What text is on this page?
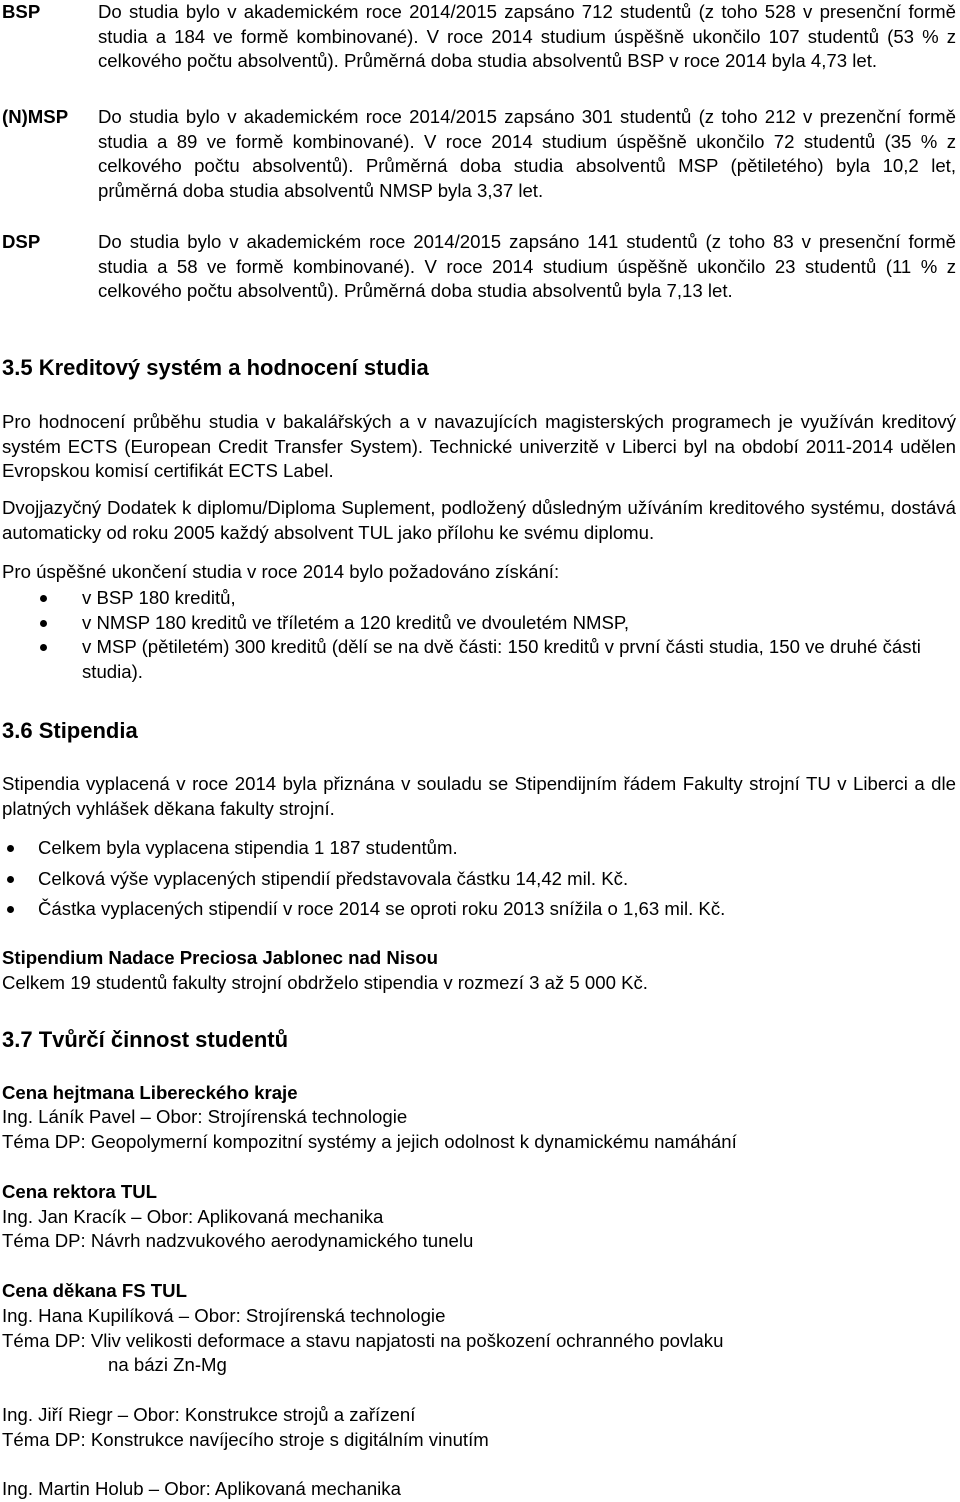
BSP	Do studia bylo v akademickém roce 2014/2015 zapsáno 712 studentů (z toho 528 v presenční formě studia a 184 ve formě kombinované). V roce 2014 studium úspěšně ukončilo 107 studentů (53 % z celkového počtu absolventů). Průměrná doba studia absolventů BSP v roce 2014 byla 4,73 let.
(N)MSP Do studia bylo v akademickém roce 2014/2015 zapsáno 301 studentů (z toho 212 v prezenční formě studia a 89 ve formě kombinované). V roce 2014 studium úspěšně ukončilo 72 studentů (35 % z celkového počtu absolventů). Průměrná doba studia absolventů MSP (pětiletého) byla 10,2 let, průměrná doba studia absolventů NMSP byla 3,37 let.
DSP	Do studia bylo v akademickém roce 2014/2015 zapsáno 141 studentů (z toho 83 v presenční formě studia a 58 ve formě kombinované). V roce 2014 studium úspěšně ukončilo 23 studentů (11 % z celkového počtu absolventů). Průměrná doba studia absolventů byla 7,13 let.
3.5 Kreditový systém a hodnocení studia
Pro hodnocení průběhu studia v bakalářských a v navazujících magisterských programech je využíván kreditový systém ECTS (European Credit Transfer System). Technické univerzitě v Liberci byl na období 2011-2014 udělen Evropskou komisí certifikát ECTS Label.
Dvojjazyčný Dodatek k diplomu/Diploma Suplement, podložený důsledným užíváním kreditového systému, dostává automaticky od roku 2005 každý absolvent TUL jako přílohu ke svému diplomu.
Pro úspěšné ukončení studia v roce 2014 bylo požadováno získání:
v BSP 180 kreditů,
v NMSP 180 kreditů ve tříletém a 120 kreditů ve dvouletém NMSP,
v MSP (pětiletém) 300 kreditů (dělí se na dvě části: 150 kreditů v první části studia, 150 ve druhé části studia).
3.6 Stipendia
Stipendia vyplacená v roce 2014 byla přiznána v souladu se Stipendijním řádem Fakulty strojní TU v Liberci a dle platných vyhlášek děkana fakulty strojní.
Celkem byla vyplacena stipendia 1 187 studentům.
Celková výše vyplacených stipendií představovala částku 14,42 mil. Kč.
Částka vyplacených stipendií v roce 2014 se oproti roku 2013 snížila o 1,63 mil. Kč.
Stipendium Nadace Preciosa Jablonec nad Nisou
Celkem 19 studentů fakulty strojní obdrželo stipendia v rozmezí 3 až 5 000 Kč.
3.7 Tvůrčí činnost studentů
Cena hejtmana Libereckého kraje
Ing. Láník Pavel – Obor: Strojírenská technologie
Téma DP: Geopolymerní kompozitní systémy a jejich odolnost k dynamickému namáhání
Cena rektora TUL
Ing. Jan Kracík – Obor: Aplikovaná mechanika
Téma DP: Návrh nadzvukového aerodynamického tunelu
Cena děkana FS TUL
Ing. Hana Kupilíková – Obor: Strojírenská technologie
Téma DP: Vliv velikosti deformace a stavu napjatosti na poškození ochranného povlaku
na bázi Zn-Mg
Ing. Jiří Riegr – Obor: Konstrukce strojů a zařízení
Téma DP: Konstrukce navíjecího stroje s digitálním vinutím
Ing. Martin Holub – Obor: Aplikovaná mechanika
